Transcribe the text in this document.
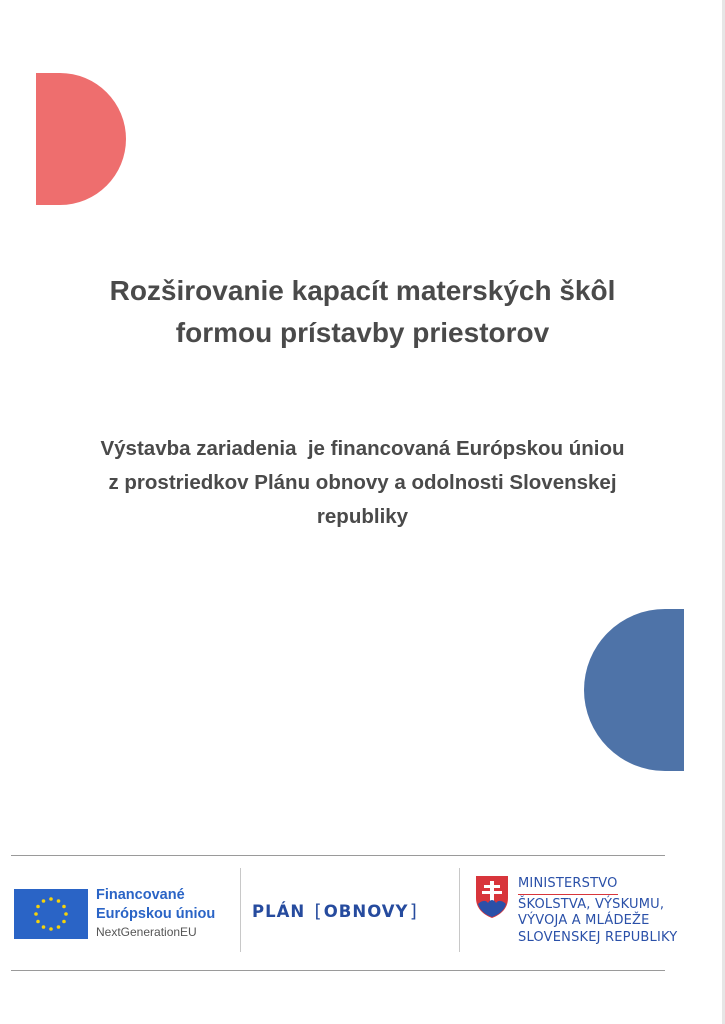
Rozširovanie kapacít materských škôl
formou prístavby priestorov

Výstavba zariadenia  je financovaná Európskou úniou
z prostriedkov Plánu obnovy a odolnosti Slovenskej
republiky

Financované
Európskou úniou
NextGenerationEU
PLÁN [OBNOVY]
MINISTERSTVO
ŠKOLSTVA, VÝSKUMU,
VÝVOJA A MLÁDEŽE
SLOVENSKEJ REPUBLIKY
